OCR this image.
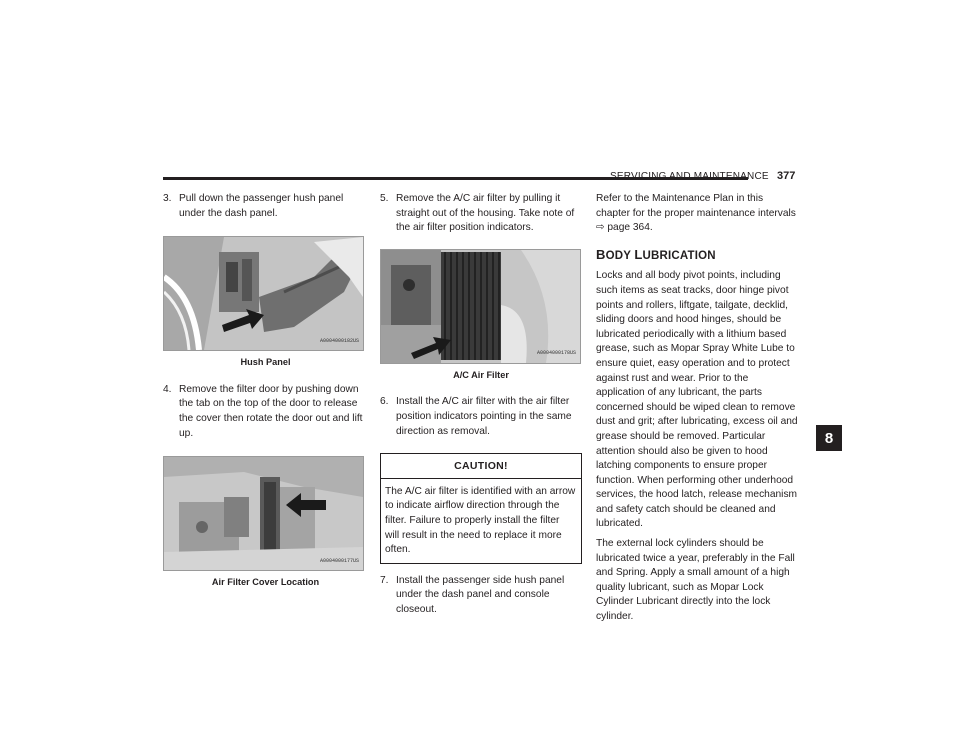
SERVICING AND MAINTENANCE 377
3. Pull down the passenger hush panel under the dash panel.
A0004000182US
Hush Panel
4. Remove the filter door by pushing down the tab on the top of the door to release the cover then rotate the door out and lift up.
A0004000177US
Air Filter Cover Location
5. Remove the A/C air filter by pulling it straight out of the housing. Take note of the air filter position indicators.
A0004000178US
A/C Air Filter
6. Install the A/C air filter with the air filter position indicators pointing in the same direction as removal.
CAUTION!
The A/C air filter is identified with an arrow to indicate airflow direction through the filter. Failure to properly install the filter will result in the need to replace it more often.
7. Install the passenger side hush panel under the dash panel and console closeout.

Refer to the Maintenance Plan in this chapter for the proper maintenance intervals
⇨ page 364.

BODY LUBRICATION

Locks and all body pivot points, including such items as seat tracks, door hinge pivot points and rollers, liftgate, tailgate, decklid, sliding doors and hood hinges, should be lubricated periodically with a lithium based grease, such as Mopar Spray White Lube to ensure quiet, easy operation and to protect against rust and wear. Prior to the application of any lubricant, the parts concerned should be wiped clean to remove dust and grit; after lubricating, excess oil and grease should be removed. Particular attention should also be given to hood latching components to ensure proper function. When performing other underhood services, the hood latch, release mechanism and safety catch should be cleaned and lubricated.

The external lock cylinders should be lubricated twice a year, preferably in the Fall and Spring. Apply a small amount of a high quality lubricant, such as Mopar Lock Cylinder Lubricant directly into the lock cylinder.

8
